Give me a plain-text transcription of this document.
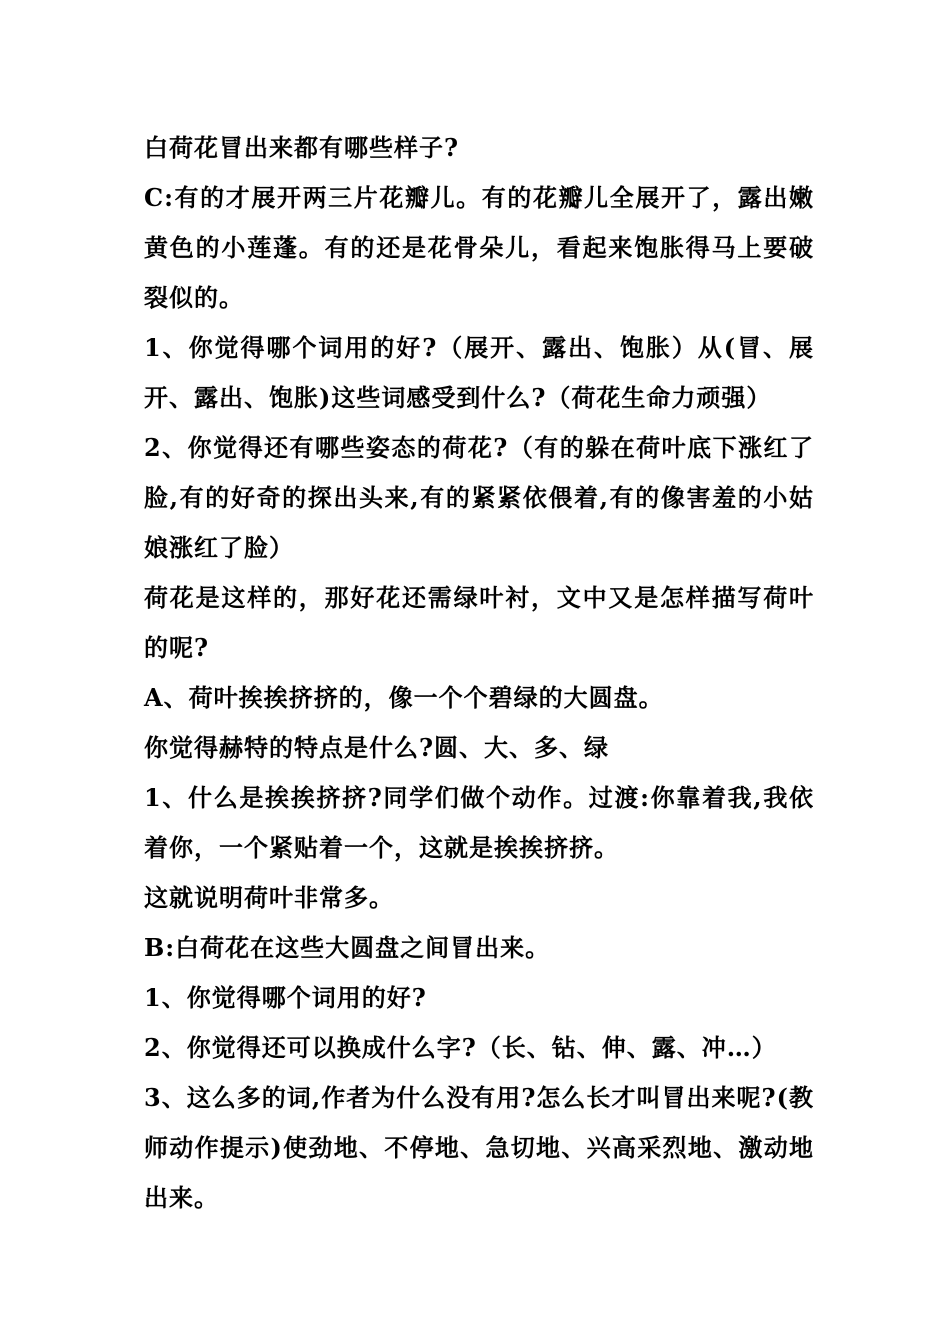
白荷花冒出来都有哪些样子?

C:有的才展开两三片花瓣儿。有的花瓣儿全展开了，露出嫩黄色的小莲蓬。有的还是花骨朵儿，看起来饱胀得马上要破裂似的。

1、你觉得哪个词用的好?（展开、露出、饱胀）从(冒、展开、露出、饱胀)这些词感受到什么?（荷花生命力顽强）

2、你觉得还有哪些姿态的荷花?（有的躲在荷叶底下涨红了脸,有的好奇的探出头来,有的紧紧依偎着,有的像害羞的小姑娘涨红了脸）

荷花是这样的，那好花还需绿叶衬，文中又是怎样描写荷叶的呢?

A、荷叶挨挨挤挤的，像一个个碧绿的大圆盘。

你觉得赫特的特点是什么?圆、大、多、绿

1、什么是挨挨挤挤?同学们做个动作。过渡:你靠着我,我依着你，一个紧贴着一个，这就是挨挨挤挤。

这就说明荷叶非常多。

B:白荷花在这些大圆盘之间冒出来。

1、你觉得哪个词用的好?

2、你觉得还可以换成什么字?（长、钻、伸、露、冲…）

3、这么多的词,作者为什么没有用?怎么长才叫冒出来呢?(教师动作提示)使劲地、不停地、急切地、兴高采烈地、激动地出来。
